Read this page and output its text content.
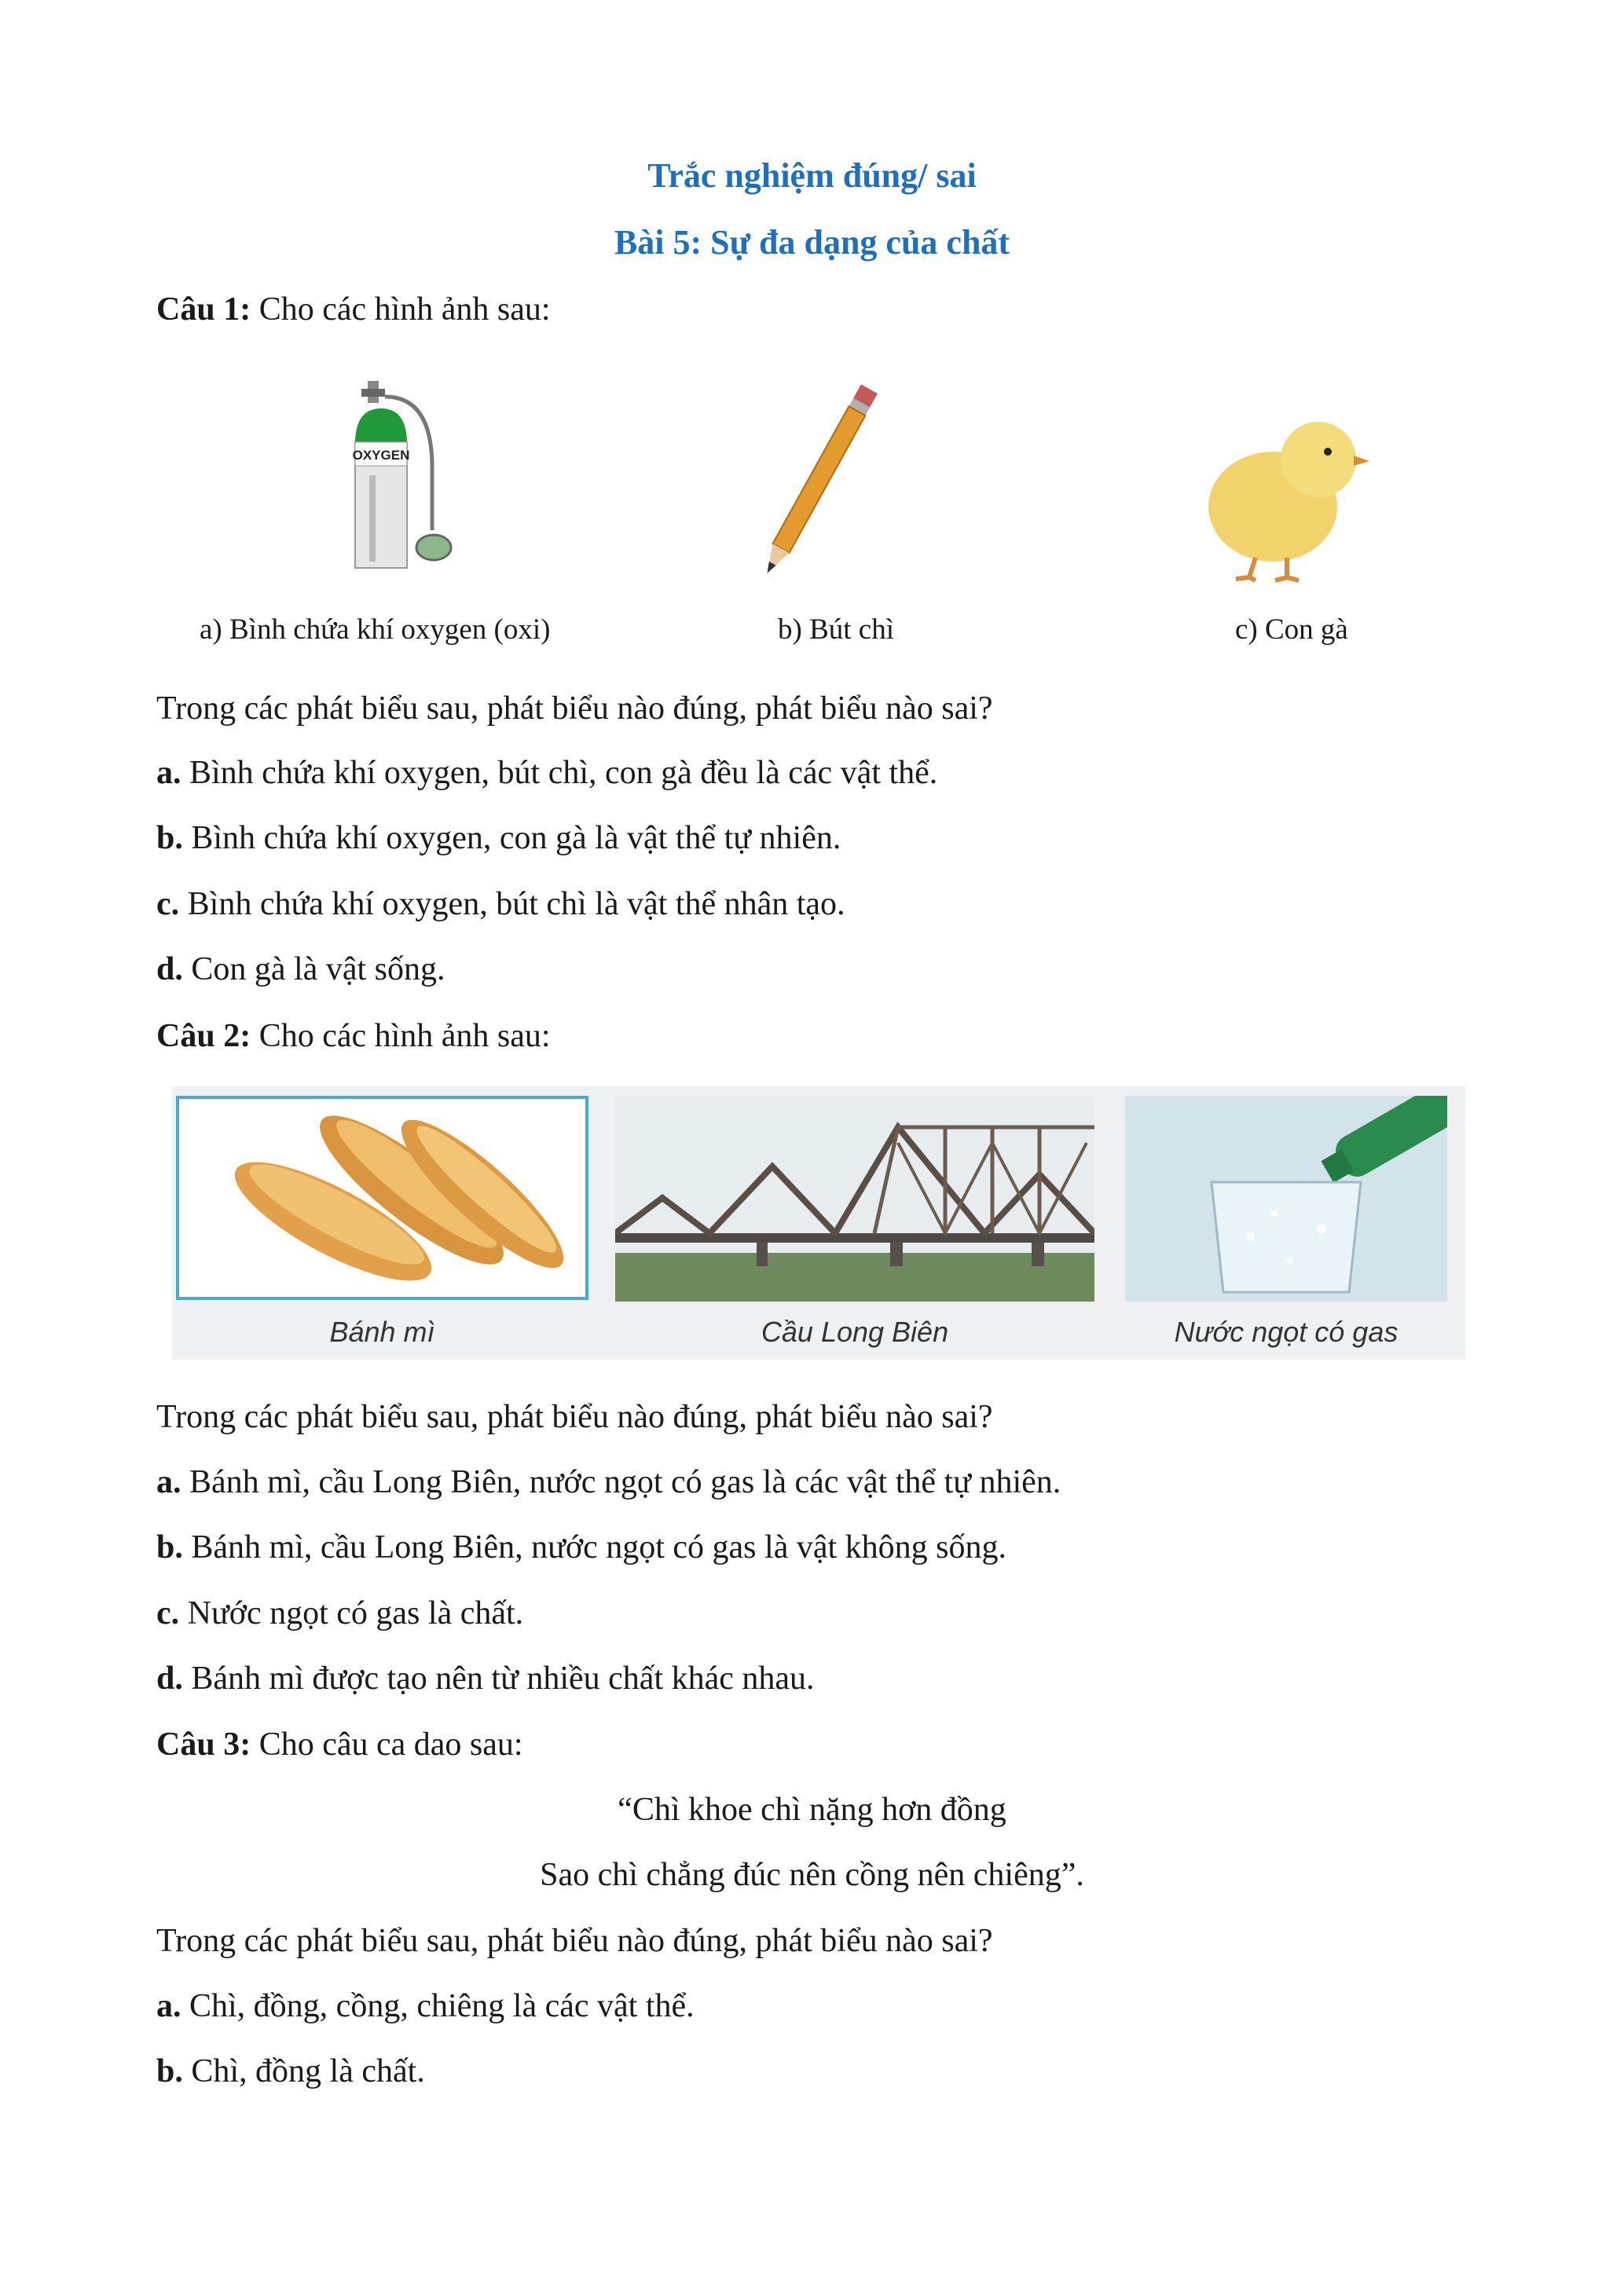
Trắc nghiệm đúng/ sai
Bài 5: Sự đa dạng của chất
Câu 1: Cho các hình ảnh sau:
OXYGEN
a) Bình chứa khí oxygen (oxi)	b) Bút chì	c) Con gà
Trong các phát biểu sau, phát biểu nào đúng, phát biểu nào sai?
a. Bình chứa khí oxygen, bút chì, con gà đều là các vật thể.
b. Bình chứa khí oxygen, con gà là vật thể tự nhiên.
c. Bình chứa khí oxygen, bút chì là vật thể nhân tạo.
d. Con gà là vật sống.
Câu 2: Cho các hình ảnh sau:
Bánh mì	Cầu Long Biên	Nước ngọt có gas
Trong các phát biểu sau, phát biểu nào đúng, phát biểu nào sai?
a. Bánh mì, cầu Long Biên, nước ngọt có gas là các vật thể tự nhiên.
b. Bánh mì, cầu Long Biên, nước ngọt có gas là vật không sống.
c. Nước ngọt có gas là chất.
d. Bánh mì được tạo nên từ nhiều chất khác nhau.
Câu 3: Cho câu ca dao sau:
“Chì khoe chì nặng hơn đồng
Sao chì chẳng đúc nên cồng nên chiêng”.
Trong các phát biểu sau, phát biểu nào đúng, phát biểu nào sai?
a. Chì, đồng, cồng, chiêng là các vật thể.
b. Chì, đồng là chất.
